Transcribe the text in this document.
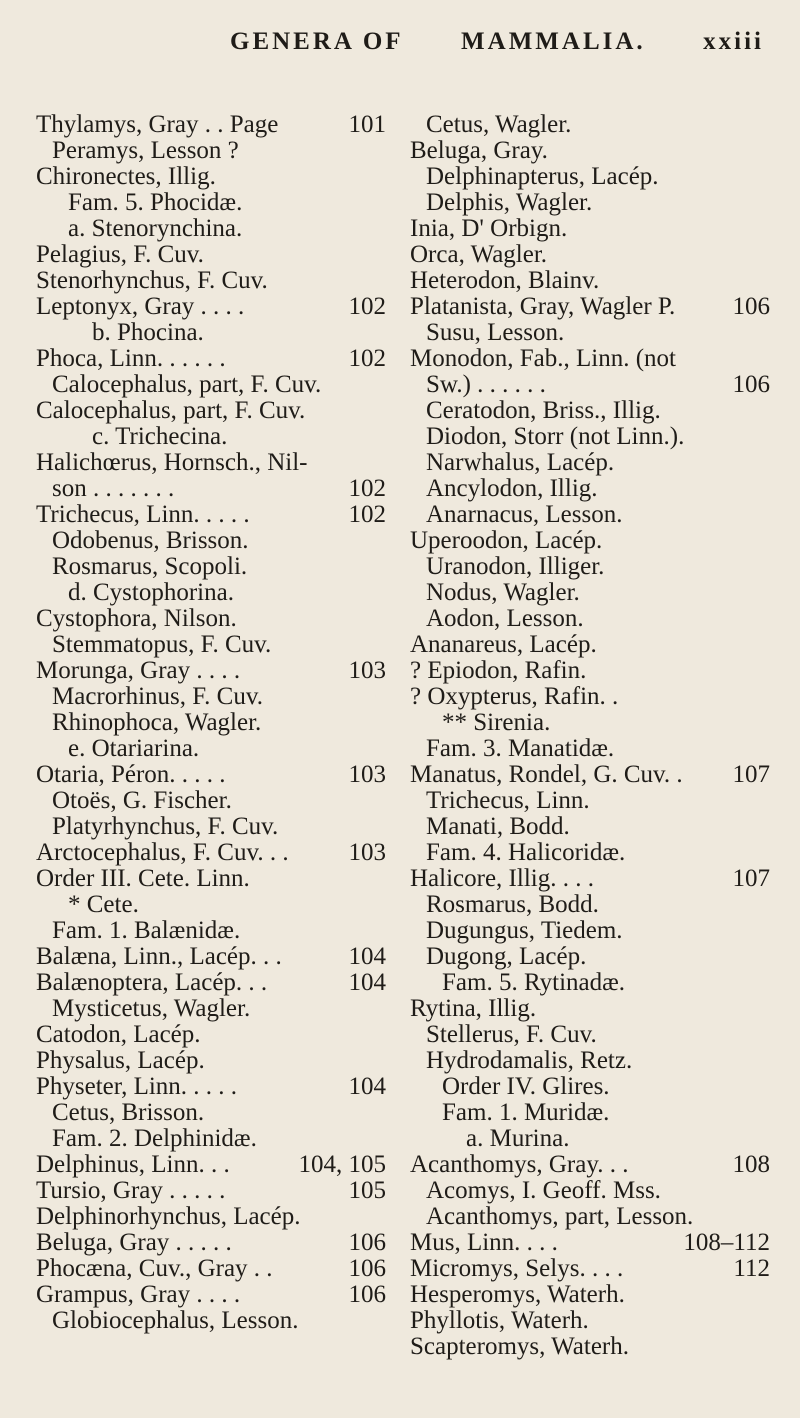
GENERA OF MAMMALIA. xxiii
Thylamys, Gray . . Page	101
Peramys, Lesson ?
Chironectes, Illig.
Fam. 5. Phocidæ.
a. Stenorynchina.
Pelagius, F. Cuv.
Stenorhynchus, F. Cuv.
Leptonyx, Gray . . . .	102
b. Phocina.
Phoca, Linn. . . . . .	102
Calocephalus, part, F. Cuv.
Calocephalus, part, F. Cuv.
c. Trichecina.
Halichœrus, Hornsch., Nil-
son . . . . . . .	102
Trichecus, Linn. . . . .	102
Odobenus, Brisson.
Rosmarus, Scopoli.
d. Cystophorina.
Cystophora, Nilson.
Stemmatopus, F. Cuv.
Morunga, Gray . . . .	103
Macrorhinus, F. Cuv.
Rhinophoca, Wagler.
e. Otariarina.
Otaria, Péron. . . . .	103
Otoës, G. Fischer.
Platyrhynchus, F. Cuv.
Arctocephalus, F. Cuv. . . 103
Order III. Cete. Linn.
* Cete.
Fam. 1. Balænidæ.
Balæna, Linn., Lacép. . .	104
Balænoptera, Lacép. . .	104
Mysticetus, Wagler.
Catodon, Lacép.
Physalus, Lacép.
Physeter, Linn. . . . .	104
Cetus, Brisson.
Fam. 2. Delphinidæ.
Delphinus, Linn. . .	104, 105
Tursio, Gray . . . . .	105
Delphinorhynchus, Lacép.
Beluga, Gray . . . . .	106
Phocæna, Cuv., Gray . .	106
Grampus, Gray . . . .	106
Globiocephalus, Lesson.
Cetus, Wagler.
Beluga, Gray.
Delphinapterus, Lacép.
Delphis, Wagler.
Inia, D' Orbign.
Orca, Wagler.
Heterodon, Blainv.
Platanista, Gray, Wagler P. 106
Susu, Lesson.
Monodon, Fab., Linn. (not
Sw.) . . . . . .	106
Ceratodon, Briss., Illig.
Diodon, Storr (not Linn.).
Narwhalus, Lacép.
Ancylodon, Illig.
Anarnacus, Lesson.
Uperoodon, Lacép.
Uranodon, Illiger.
Nodus, Wagler.
Aodon, Lesson.
Ananareus, Lacép.
? Epiodon, Rafin.
? Oxypterus, Rafin. .
** Sirenia.
Fam. 3. Manatidæ.
Manatus, Rondel, G. Cuv. . 107
Trichecus, Linn.
Manati, Bodd.
Fam. 4. Halicoridæ.
Halicore, Illig. . . .	107
Rosmarus, Bodd.
Dugungus, Tiedem.
Dugong, Lacép.
Fam. 5. Rytinadæ.
Rytina, Illig.
Stellerus, F. Cuv.
Hydrodamalis, Retz.
Order IV. Glires.
Fam. 1. Muridæ.
a. Murina.
Acanthomys, Gray. . .	108
Acomys, I. Geoff. Mss.
Acanthomys, part, Lesson.
Mus, Linn. . . .	108–112
Micromys, Selys. . . .	112
Hesperomys, Waterh.
Phyllotis, Waterh.
Scapteromys, Waterh.
